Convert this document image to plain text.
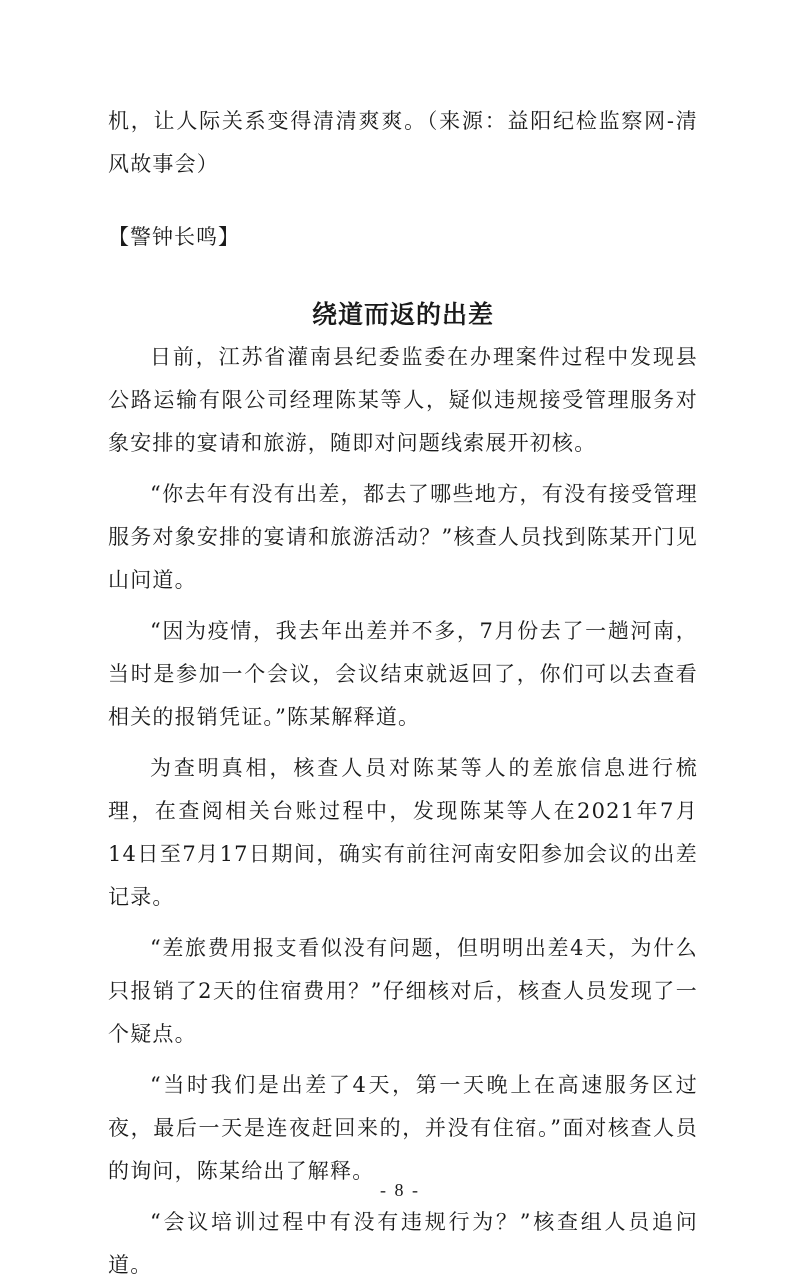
机，让人际关系变得清清爽爽。（来源：益阳纪检监察网-清风故事会）

【警钟长鸣】

绕道而返的出差

日前，江苏省灌南县纪委监委在办理案件过程中发现县公路运输有限公司经理陈某等人，疑似违规接受管理服务对象安排的宴请和旅游，随即对问题线索展开初核。

“你去年有没有出差，都去了哪些地方，有没有接受管理服务对象安排的宴请和旅游活动？”核查人员找到陈某开门见山问道。

“因为疫情，我去年出差并不多，7月份去了一趟河南，当时是参加一个会议，会议结束就返回了，你们可以去查看相关的报销凭证。”陈某解释道。

为查明真相，核查人员对陈某等人的差旅信息进行梳理，在查阅相关台账过程中，发现陈某等人在2021年7月14日至7月17日期间，确实有前往河南安阳参加会议的出差记录。

“差旅费用报支看似没有问题，但明明出差4天，为什么只报销了2天的住宿费用？”仔细核对后，核查人员发现了一个疑点。

“当时我们是出差了4天，第一天晚上在高速服务区过夜，最后一天是连夜赶回来的，并没有住宿。”面对核查人员的询问，陈某给出了解释。

“会议培训过程中有没有违规行为？”核查组人员追问道。

- 8 -
